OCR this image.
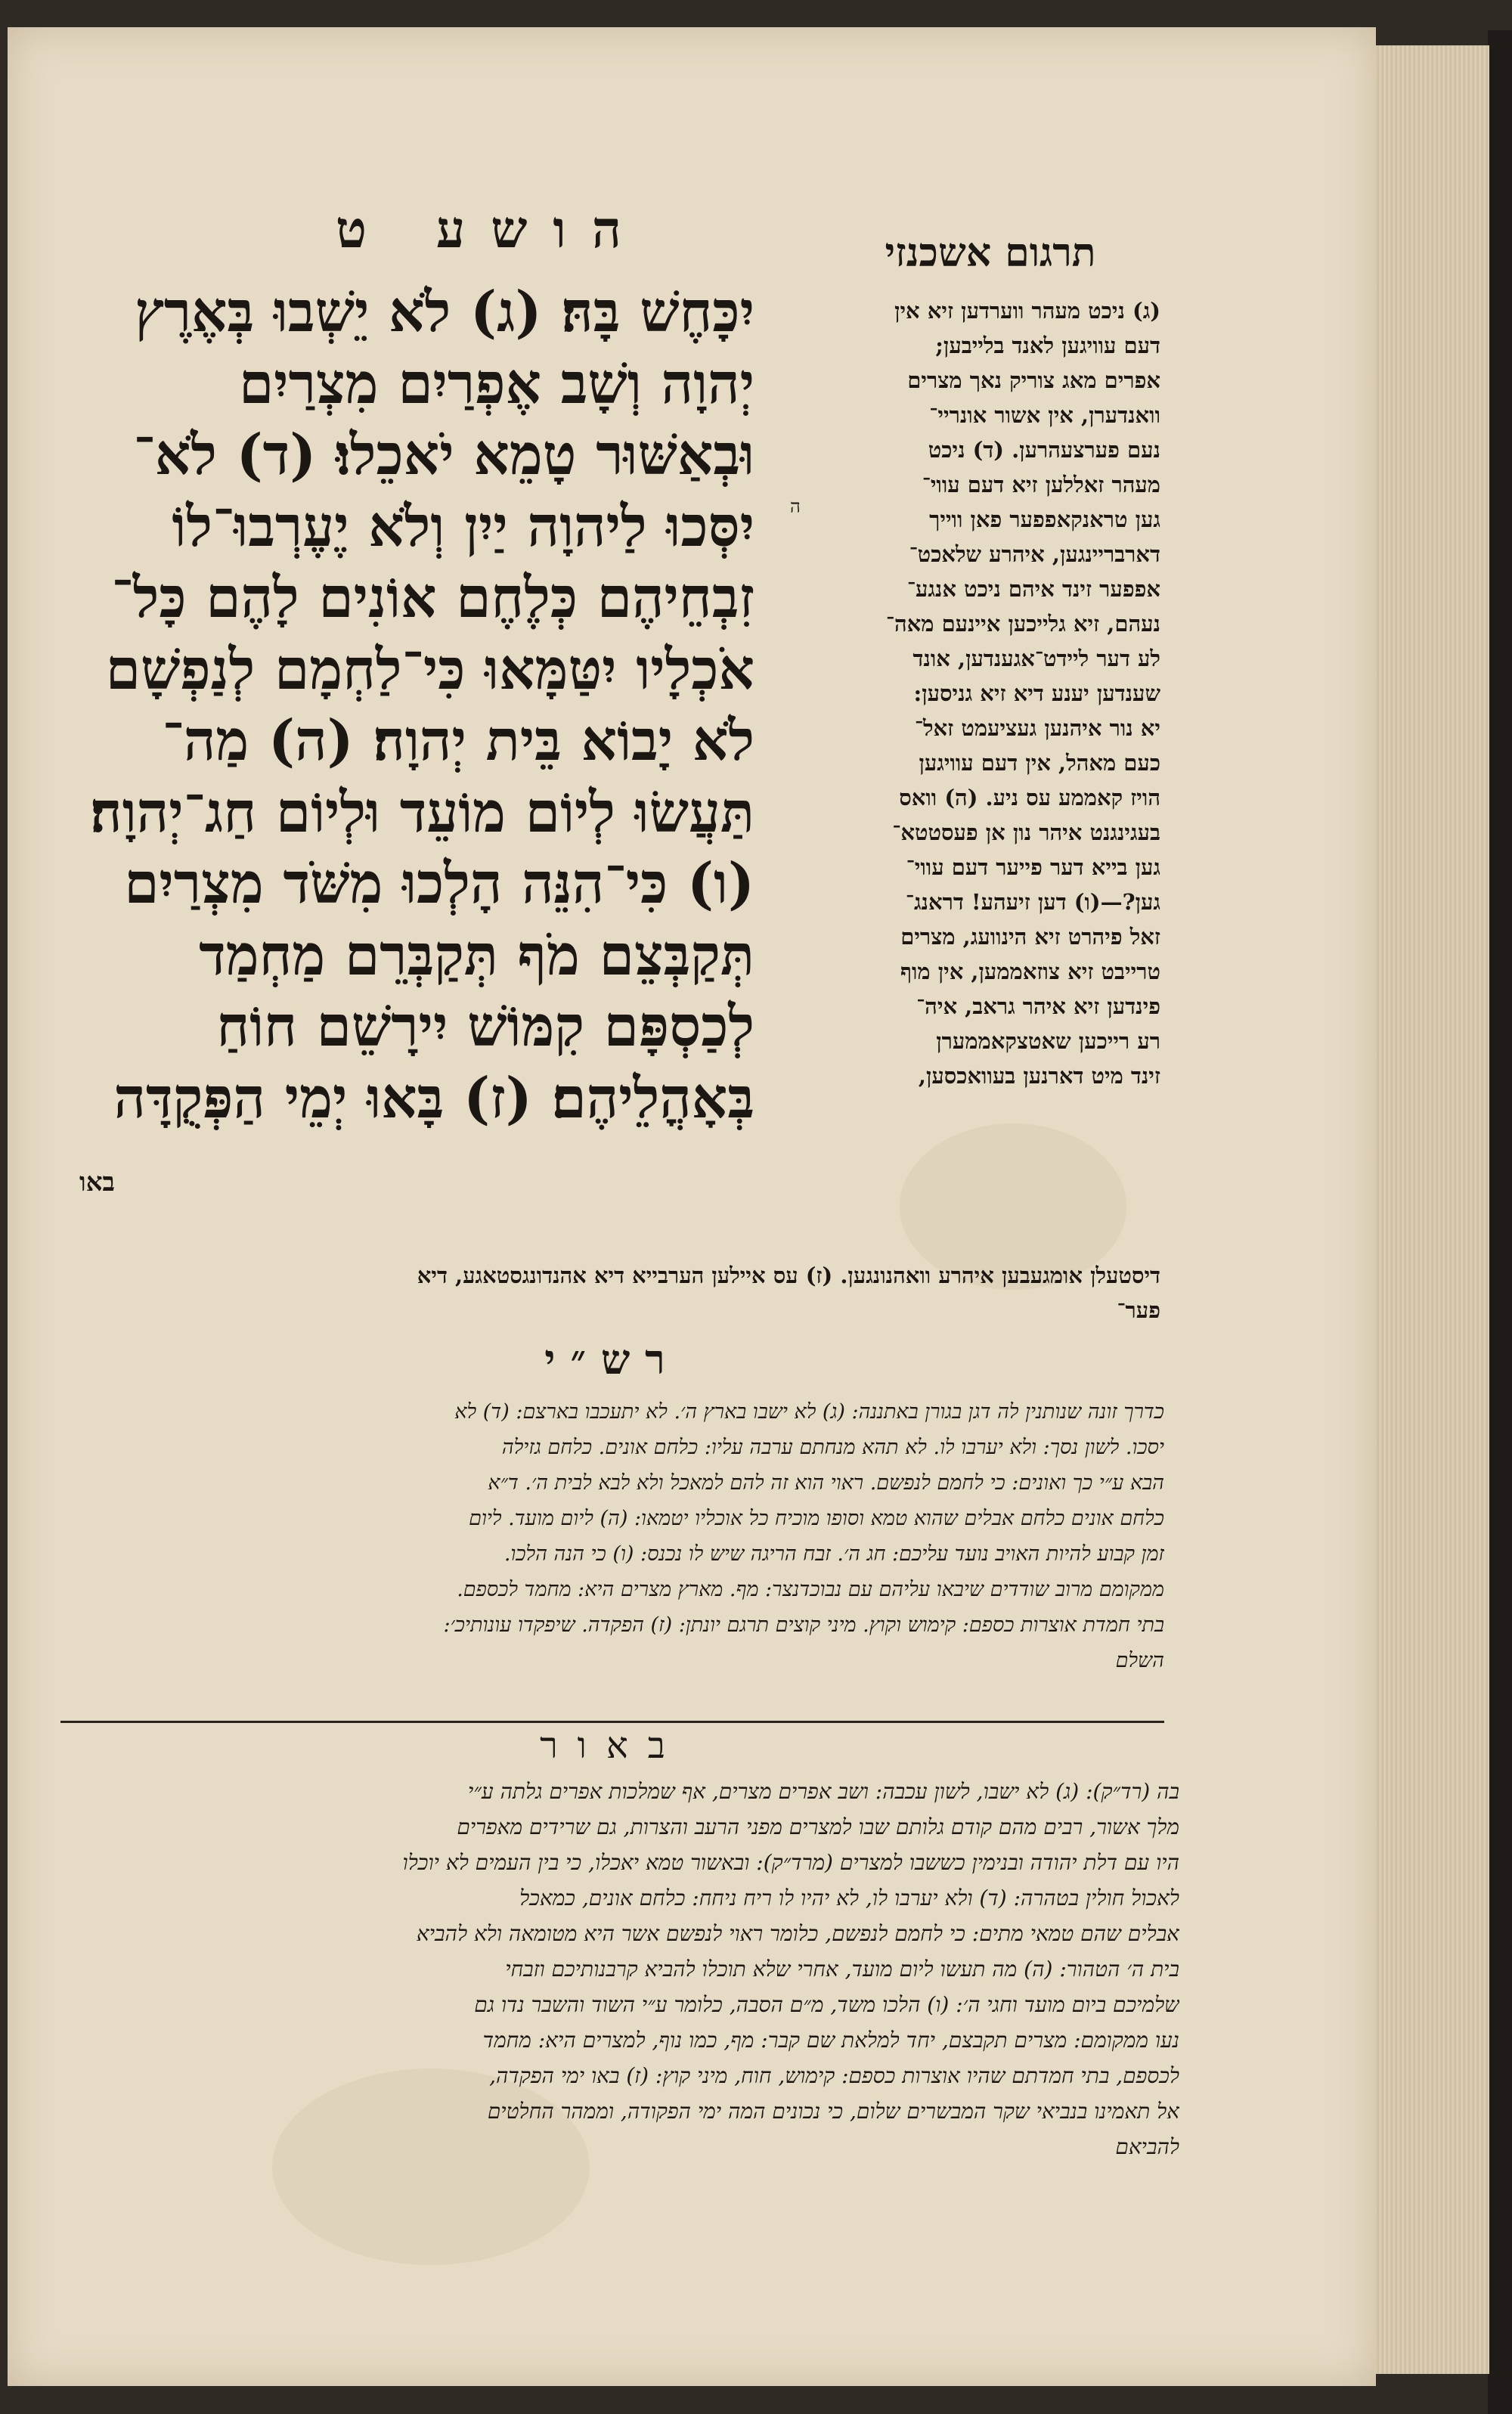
הושע ט	תרגום אשכנזי
יִכָּחֶשׁ בָּהּ׃ (ג) לֹא יֵשְׁבוּ בְּאֶרֶץ
יְהוָה וְשָׁב אֶפְרַיִם מִצְרַיִם
וּבְאַשּׁוּר טָמֵא יֹאכֵלוּ׃ (ד) לֹא־
יִסְּכוּ לַיהוָה יַיִן וְלֹא יֶעֶרְבוּ־לוֹ
זִבְחֵיהֶם כְּלֶחֶם אוֹנִים לָהֶם כָּל־
אֹכְלָיו יִטַּמָּאוּ כִּי־לַחְמָם לְנַפְשָׁם
לֹא יָבוֹא בֵּית יְהוָה׃ (ה) מַה־
תַּעֲשׂוּ לְיוֹם מוֹעֵד וּלְיוֹם חַג־יְהוָה׃
(ו) כִּי־הִנֵּה הָלְכוּ מִשֹּׁד מִצְרַיִם
תְּקַבְּצֵם מֹף תְּקַבְּרֵם מַחְמַד
לְכַסְפָּם קִמּוֹשׁ יִירָשֵׁם חוֹחַ
בְּאָהֳלֵיהֶם׃ (ז) בָּאוּ יְמֵי הַפְּקֻדָּה
באו
ה
(ג) ניכט מעהר ווערדען זיא אין
דעם עוויגען לאנד בלייבען;
אפרים מאג צוריק נאך מצרים
וואנדערן, אין אשור אונריי־
נעם פערצעהרען. (ד) ניכט
מעהר זאללען זיא דעם עווי־
גען טראנקאפפער פאן ווייך
דארבריינגען, איהרע שלאכט־
אפפער זינד איהם ניכט אנגע־
נעהם, זיא גלייכען איינעם מאה־
לע דער ליידט־אגענדען, אונד
שענדען יענע דיא זיא גניסען:
יא נור איהנען געציעמט זאל־
כעם מאהל, אין דעם עוויגען
הויז קאממע עס ניע. (ה) וואס
בעגינגנט איהר נון אן פעסטטא־
גען בייא דער פייער דעם עווי־
גען?—(ו) דען זיעהע! דראנג־
זאל פיהרט זיא הינוועג, מצרים
טרייבט זיא צוזאממען, אין מוף
פינדען זיא איהר גראב, איה־
רע רייכען שאטצקאממערן
זינד מיט דארנען בעוואכסען,
דיסטעלן אומגעבען איהרע וואהנונגען. (ז) עס איילען הערבייא דיא אהנדונגסטאגע, דיא
פער־
רש״י
כדרך זונה שנותנין לה דגן בגורן באתננה: (ג) לא ישבו בארץ ה׳. לא יתעכבו בארצם: (ד) לא
יסכו. לשון נסך: ולא יערבו לו. לא תהא מנחתם ערבה עליו: כלחם אונים. כלחם גזילה
הבא ע״י כך ואונים: כי לחמם לנפשם. ראוי הוא זה להם למאכל ולא לבא לבית ה׳. ד״א
כלחם אונים כלחם אבלים שהוא טמא וסופו מוכיח כל אוכליו יטמאו: (ה) ליום מועד. ליום
זמן קבוע להיות האויב נועד עליכם: חג ה׳. זבח הריגה שיש לו נכנס: (ו) כי הנה הלכו.
ממקומם מרוב שודדים שיבאו עליהם עם נבוכדנצר: מף. מארץ מצרים היא: מחמד לכספם.
בתי חמדת אוצרות כספם: קימוש וקוץ. מיני קוצים תרגם יונתן: (ז) הפקדה. שיפקדו עונותיכ׳:
השלם
באור
בה (רד״ק): (ג) לא ישבו, לשון עכבה: ושב אפרים מצרים, אף שמלכות אפרים גלתה ע״י
מלך אשור, רבים מהם קודם גלותם שבו למצרים מפני הרעב והצרות, גם שרידים מאפרים
היו עם דלת יהודה ובנימין כששבו למצרים (מרד״ק): ובאשור טמא יאכלו, כי בין העמים לא יוכלו
לאכול חולין בטהרה: (ד) ולא יערבו לו, לא יהיו לו ריח ניחח: כלחם אונים, כמאכל
אבלים שהם טמאי מתים: כי לחמם לנפשם, כלומר ראוי לנפשם אשר היא מטומאה ולא להביא
בית ה׳ הטהור: (ה) מה תעשו ליום מועד, אחרי שלא תוכלו להביא קרבנותיכם וזבחי
שלמיכם ביום מועד וחגי ה׳: (ו) הלכו משד, מ״ם הסבה, כלומר ע״י השוד והשבר נדו גם
נעו ממקומם: מצרים תקבצם, יחד למלאת שם קבר: מף, כמו נוף, למצרים היא: מחמד
לכספם, בתי חמדתם שהיו אוצרות כספם: קימוש, חוח, מיני קוץ: (ז) באו ימי הפקדה,
אל תאמינו בנביאי שקר המבשרים שלום, כי נכונים המה ימי הפקודה, וממהר החלטים
להביאם
